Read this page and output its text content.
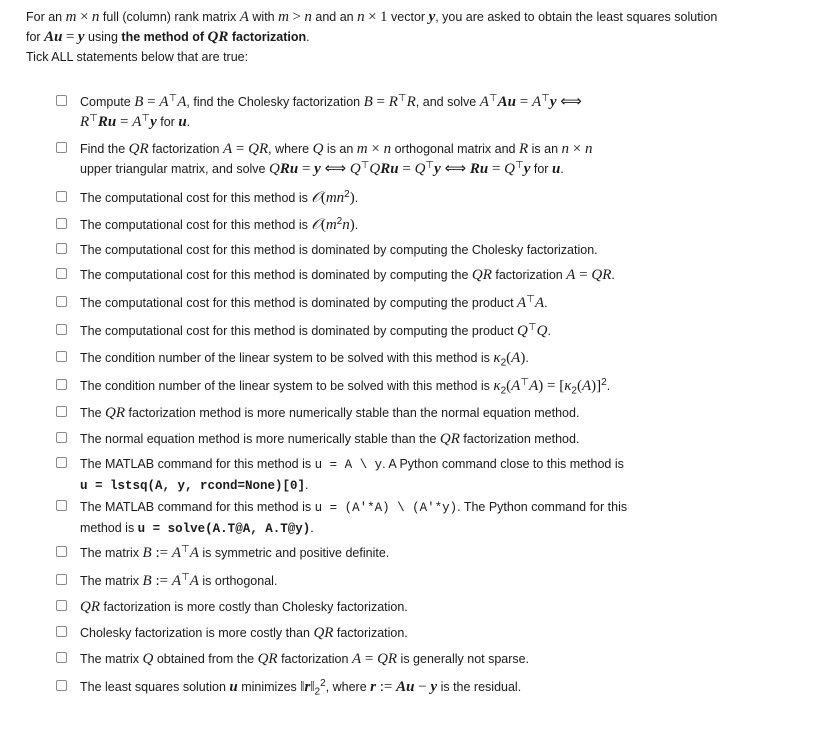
For an m × n full (column) rank matrix A with m > n and an n × 1 vector y, you are asked to obtain the least squares solution

for Au = y using the method of QR factorization.

Tick ALL statements below that are true:

Compute B = A⊤A, find the Cholesky factorization B = R⊤R, and solve A⊤Au = A⊤y ⟺
R⊤Ru = A⊤y for u.
Find the QR factorization A = QR, where Q is an m × n orthogonal matrix and R is an n × n
upper triangular matrix, and solve QRu = y ⟺ Q⊤QRu = Q⊤y ⟺ Ru = Q⊤y for u.
The computational cost for this method is $𝒪(mn^2)$.
The computational cost for this method is $𝒪(m^2n)$.
The computational cost for this method is dominated by computing the Cholesky factorization.
The computational cost for this method is dominated by computing the QR factorization A = QR.
The computational cost for this method is dominated by computing the product A⊤A.
The computational cost for this method is dominated by computing the product Q⊤Q.
The condition number of the linear system to be solved with this method is $\kappa_2(A)$.
The condition number of the linear system to be solved with this method is $\kappa_2(A^⊤A) = [\kappa_2(A)]^2$.
The QR factorization method is more numerically stable than the normal equation method.
The normal equation method is more numerically stable than the QR factorization method.
The MATLAB command for this method is u = A \ y. A Python command close to this method is
u = lstsq(A, y, rcond=None)[0].
The MATLAB command for this method is u = (A'*A) \ (A'*y). The Python command for this
method is u = solve(A.T@A, A.T@y).
The matrix B := A⊤A is symmetric and positive definite.
The matrix B := A⊤A is orthogonal.
QR factorization is more costly than Cholesky factorization.
Cholesky factorization is more costly than QR factorization.
The matrix Q obtained from the QR factorization A = QR is generally not sparse.
The least squares solution u minimizes $‖r‖_2^2$, where r := Au − y is the residual.
